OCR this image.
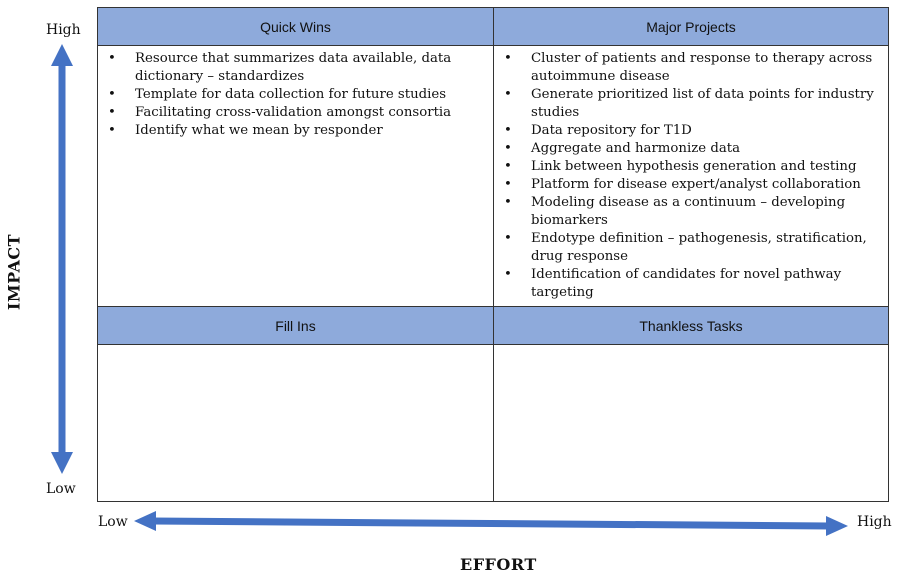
High
Low
IMPACT
Low	High
EFFORT
Quick Wins
• Resource that summarizes data available, data dictionary – standardizes
• Template for data collection for future studies
• Facilitating cross-validation amongst consortia
• Identify what we mean by responder
Major Projects
• Cluster of patients and response to therapy across autoimmune disease
• Generate prioritized list of data points for industry studies
• Data repository for T1D
• Aggregate and harmonize data
• Link between hypothesis generation and testing
• Platform for disease expert/analyst collaboration
• Modeling disease as a continuum – developing biomarkers
• Endotype definition – pathogenesis, stratification, drug response
• Identification of candidates for novel pathway targeting
Fill Ins	Thankless Tasks
